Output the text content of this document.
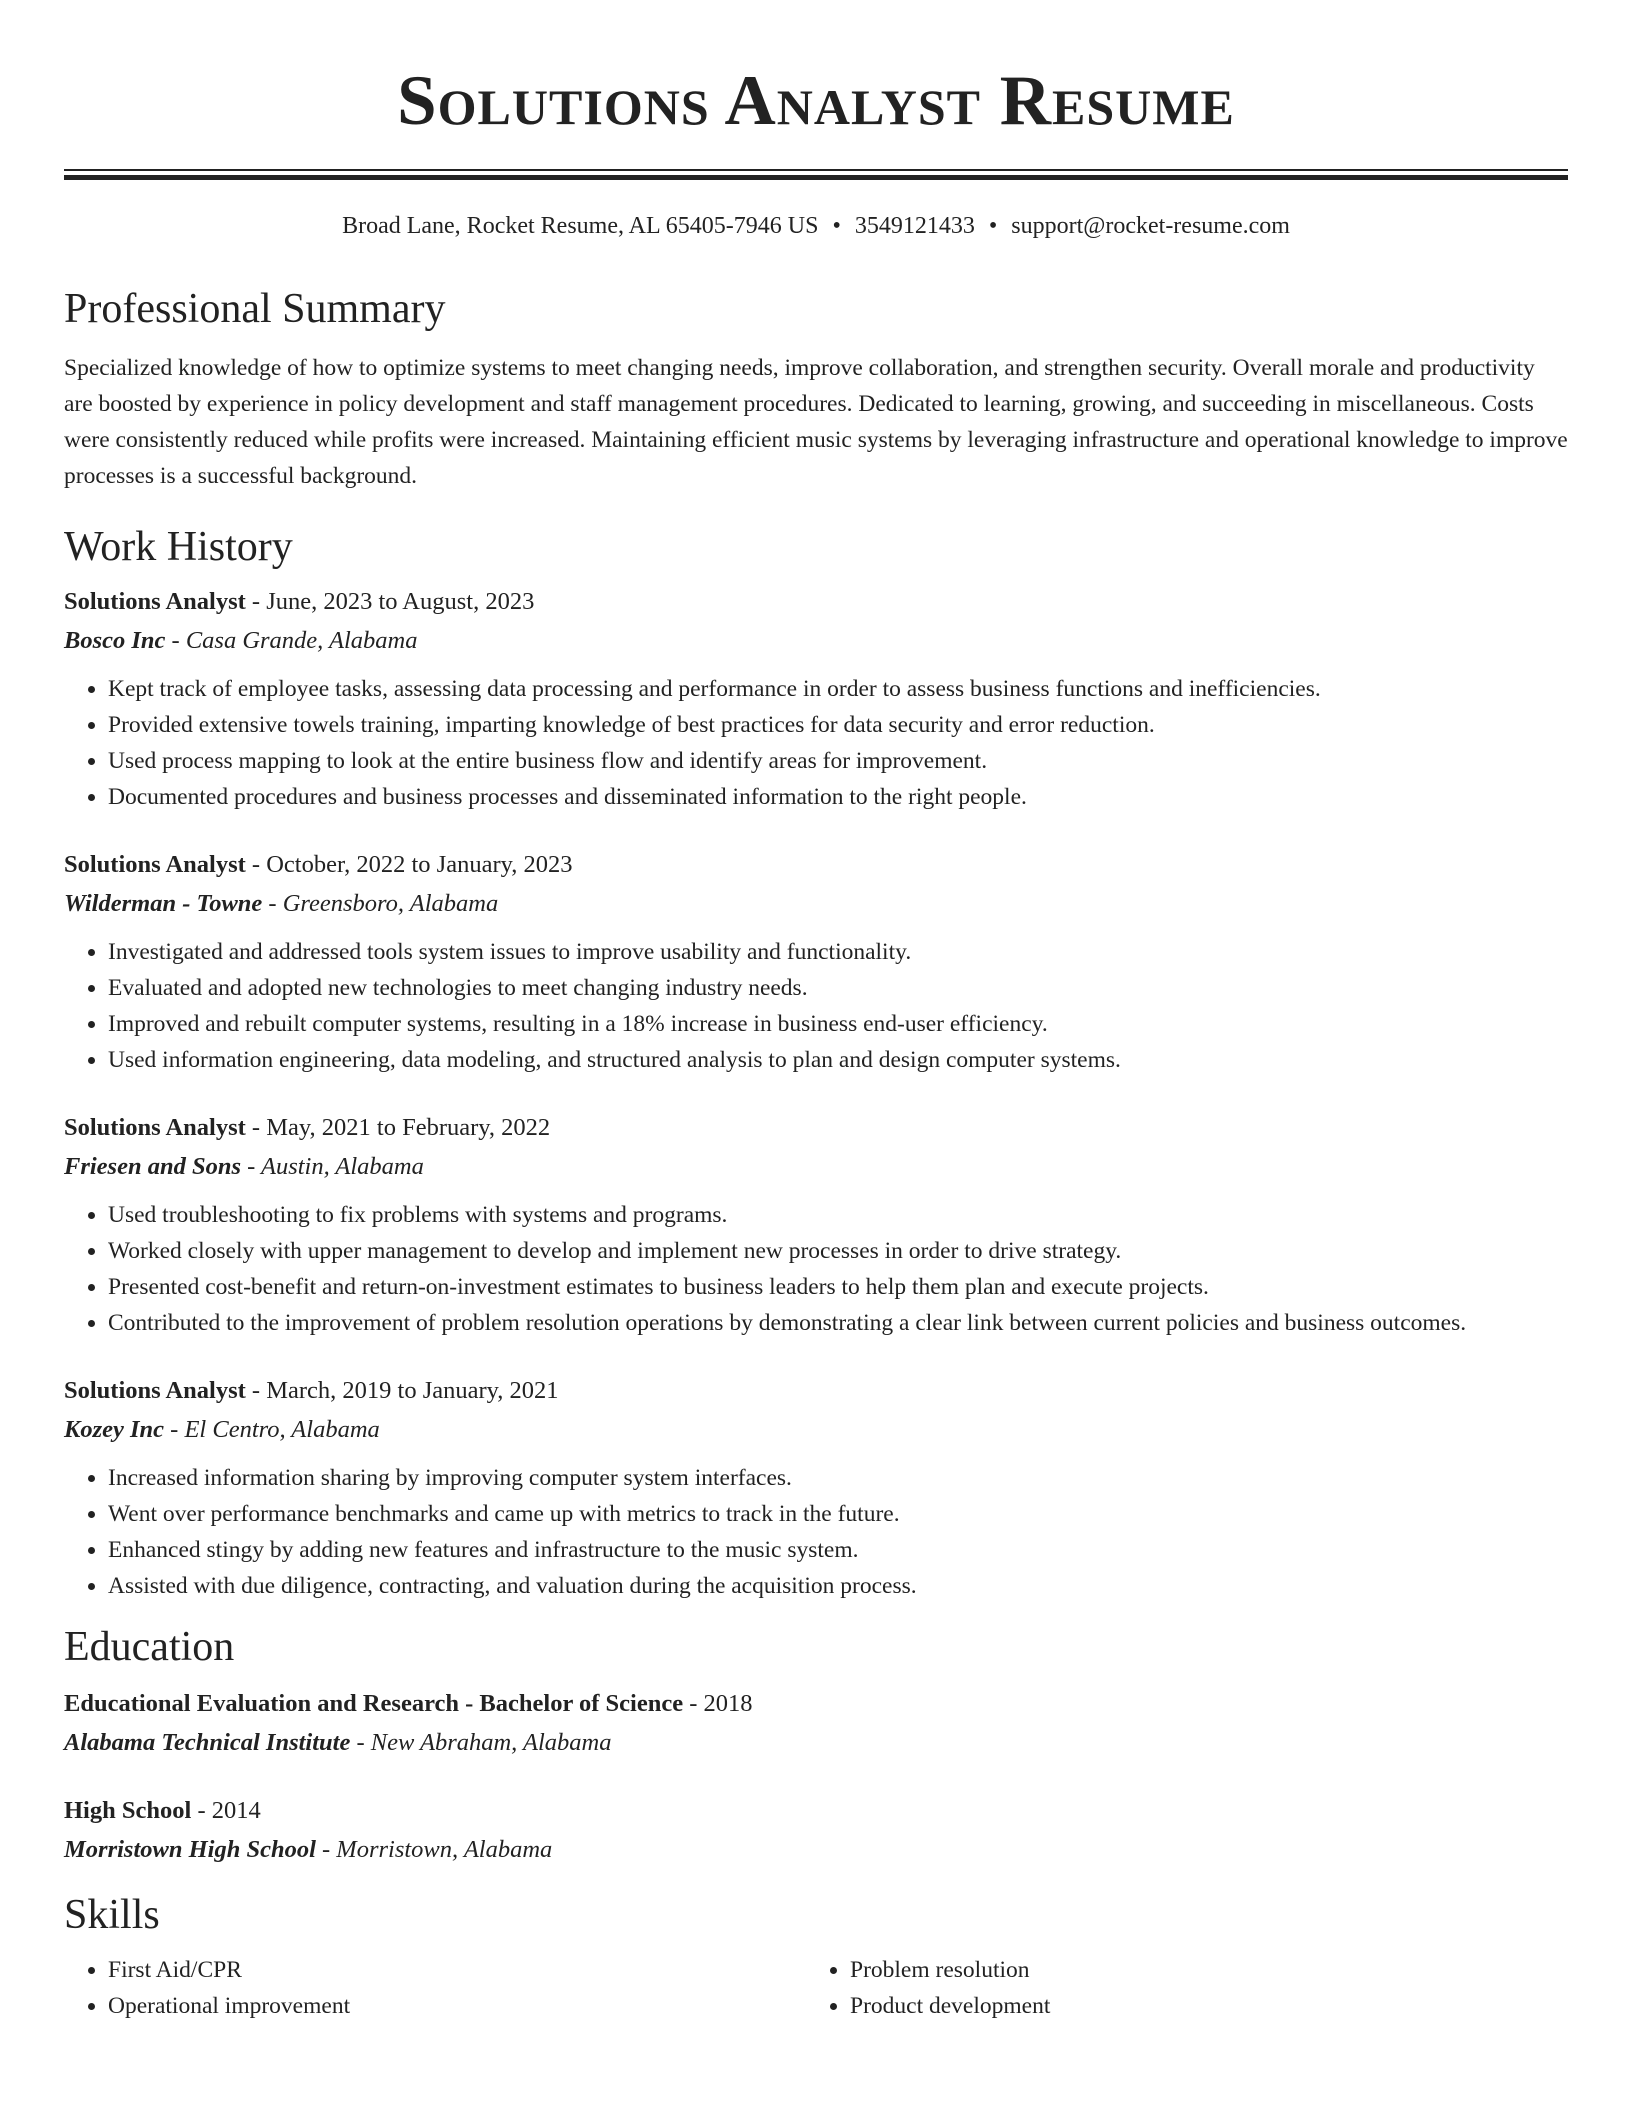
Solutions Analyst Resume
Broad Lane, Rocket Resume, AL 65405-7946 US • 3549121433 • support@rocket-resume.com
Professional Summary

Specialized knowledge of how to optimize systems to meet changing needs, improve collaboration, and strengthen security. Overall morale and productivity are boosted by experience in policy development and staff management procedures. Dedicated to learning, growing, and succeeding in miscellaneous. Costs were consistently reduced while profits were increased. Maintaining efficient music systems by leveraging infrastructure and operational knowledge to improve processes is a successful background.

Work History
Solutions Analyst - June, 2023 to August, 2023
Bosco Inc - Casa Grande, Alabama
• Kept track of employee tasks, assessing data processing and performance in order to assess business functions and inefficiencies.
• Provided extensive towels training, imparting knowledge of best practices for data security and error reduction.
• Used process mapping to look at the entire business flow and identify areas for improvement.
• Documented procedures and business processes and disseminated information to the right people.
Solutions Analyst - October, 2022 to January, 2023
Wilderman - Towne - Greensboro, Alabama
• Investigated and addressed tools system issues to improve usability and functionality.
• Evaluated and adopted new technologies to meet changing industry needs.
• Improved and rebuilt computer systems, resulting in a 18% increase in business end-user efficiency.
• Used information engineering, data modeling, and structured analysis to plan and design computer systems.
Solutions Analyst - May, 2021 to February, 2022
Friesen and Sons - Austin, Alabama
• Used troubleshooting to fix problems with systems and programs.
• Worked closely with upper management to develop and implement new processes in order to drive strategy.
• Presented cost-benefit and return-on-investment estimates to business leaders to help them plan and execute projects.
• Contributed to the improvement of problem resolution operations by demonstrating a clear link between current policies and business outcomes.
Solutions Analyst - March, 2019 to January, 2021
Kozey Inc - El Centro, Alabama
• Increased information sharing by improving computer system interfaces.
• Went over performance benchmarks and came up with metrics to track in the future.
• Enhanced stingy by adding new features and infrastructure to the music system.
• Assisted with due diligence, contracting, and valuation during the acquisition process.
Education
Educational Evaluation and Research - Bachelor of Science - 2018
Alabama Technical Institute - New Abraham, Alabama
High School - 2014
Morristown High School - Morristown, Alabama
Skills
• First Aid/CPR
• Operational improvement
• Problem resolution
• Product development
